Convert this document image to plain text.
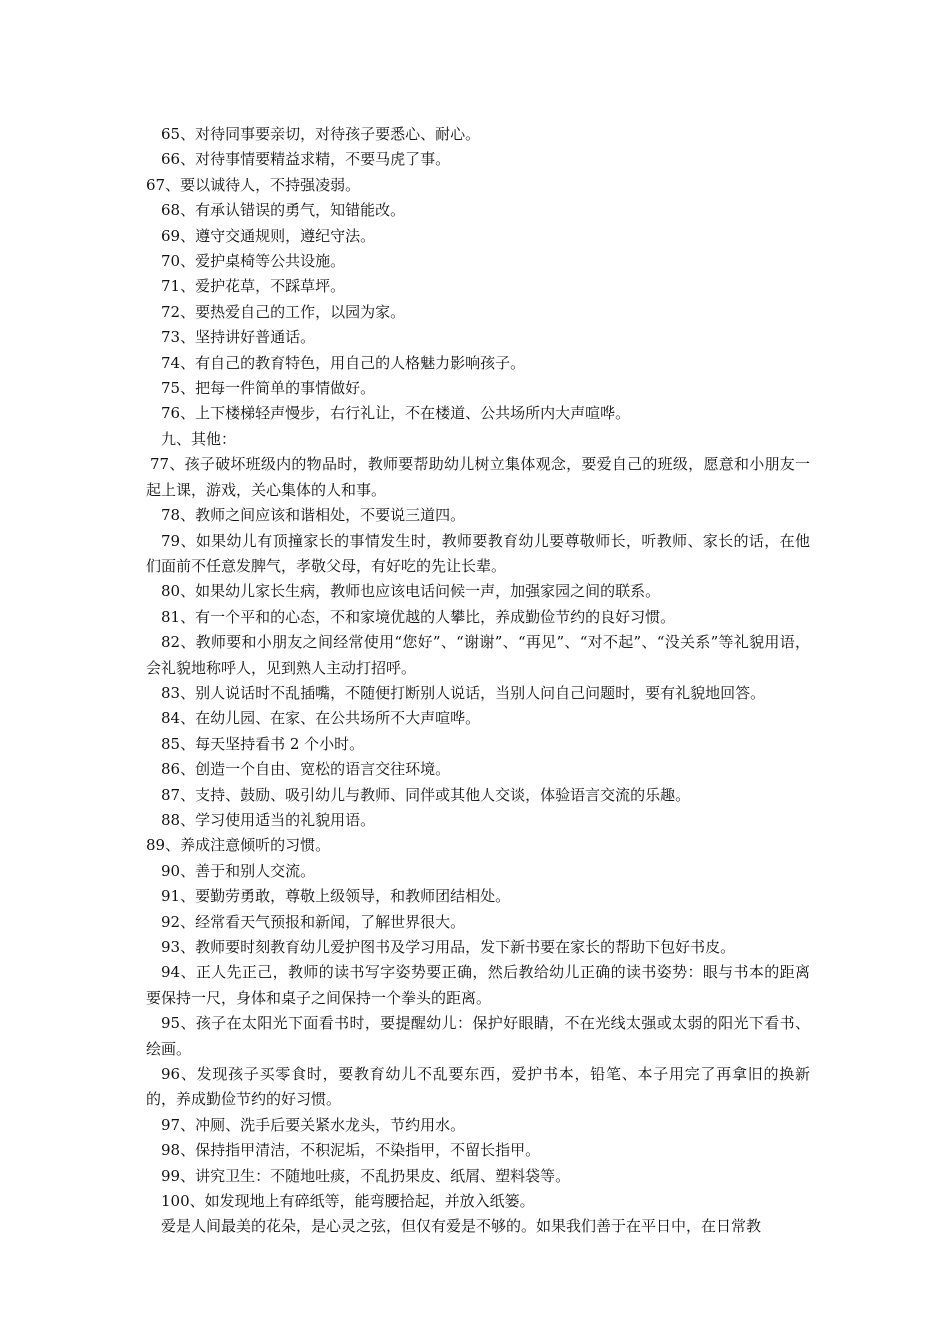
65、对待同事要亲切，对待孩子要悉心、耐心。

66、对待事情要精益求精，不要马虎了事。

67、要以诚待人，不持强凌弱。

68、有承认错误的勇气，知错能改。

69、遵守交通规则，遵纪守法。

70、爱护桌椅等公共设施。

71、爱护花草，不踩草坪。

72、要热爱自己的工作，以园为家。

73、坚持讲好普通话。

74、有自己的教育特色，用自己的人格魅力影响孩子。

75、把每一件简单的事情做好。

76、上下楼梯轻声慢步，右行礼让，不在楼道、公共场所内大声喧哗。

九、其他：

77、孩子破坏班级内的物品时，教师要帮助幼儿树立集体观念，要爱自己的班级，愿意和小朋友一起上课，游戏，关心集体的人和事。

78、教师之间应该和谐相处，不要说三道四。

79、如果幼儿有顶撞家长的事情发生时，教师要教育幼儿要尊敬师长，听教师、家长的话，在他们面前不任意发脾气，孝敬父母，有好吃的先让长辈。

80、如果幼儿家长生病，教师也应该电话问候一声，加强家园之间的联系。

81、有一个平和的心态，不和家境优越的人攀比，养成勤俭节约的良好习惯。

82、教师要和小朋友之间经常使用“您好”、“谢谢”、“再见”、“对不起”、“没关系”等礼貌用语，会礼貌地称呼人，见到熟人主动打招呼。

83、别人说话时不乱插嘴，不随便打断别人说话，当别人问自己问题时，要有礼貌地回答。

84、在幼儿园、在家、在公共场所不大声喧哗。

85、每天坚持看书 2 个小时。

86、创造一个自由、宽松的语言交往环境。

87、支持、鼓励、吸引幼儿与教师、同伴或其他人交谈，体验语言交流的乐趣。

88、学习使用适当的礼貌用语。

89、养成注意倾听的习惯。

90、善于和别人交流。

91、要勤劳勇敢，尊敬上级领导，和教师团结相处。

92、经常看天气预报和新闻，了解世界很大。

93、教师要时刻教育幼儿爱护图书及学习用品，发下新书要在家长的帮助下包好书皮。

94、正人先正己，教师的读书写字姿势要正确，然后教给幼儿正确的读书姿势：眼与书本的距离要保持一尺，身体和桌子之间保持一个拳头的距离。

95、孩子在太阳光下面看书时，要提醒幼儿：保护好眼睛，不在光线太强或太弱的阳光下看书、绘画。

96、发现孩子买零食时，要教育幼儿不乱要东西，爱护书本，铅笔、本子用完了再拿旧的换新的，养成勤俭节约的好习惯。

97、冲厕、洗手后要关紧水龙头，节约用水。

98、保持指甲清洁，不积泥垢，不染指甲，不留长指甲。

99、讲究卫生：不随地吐痰，不乱扔果皮、纸屑、塑料袋等。

100、如发现地上有碎纸等，能弯腰拾起，并放入纸篓。

爱是人间最美的花朵，是心灵之弦，但仅有爱是不够的。如果我们善于在平日中，在日常教
